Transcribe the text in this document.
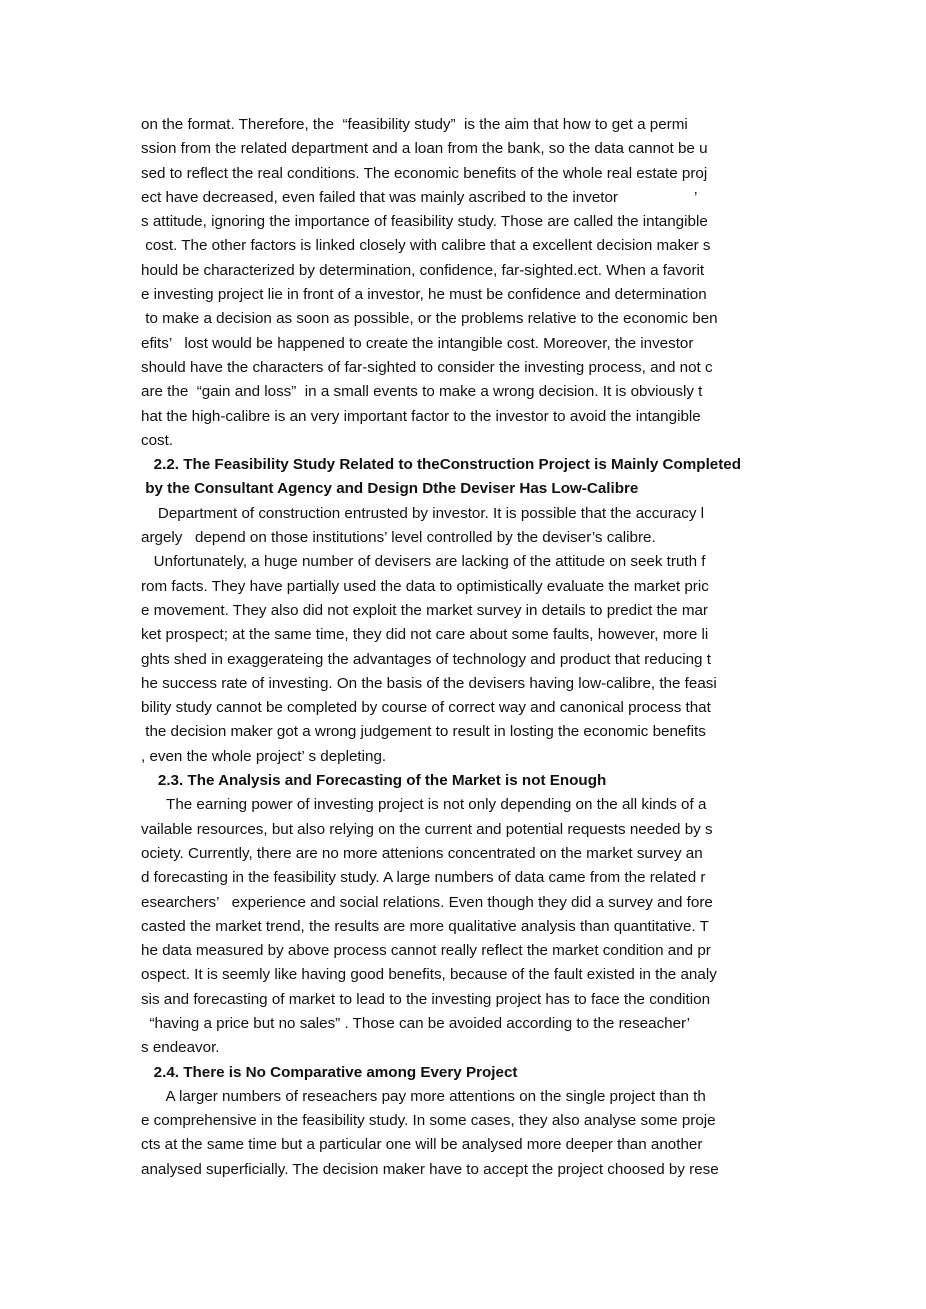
on the format. Therefore, the  “feasibility study”  is the aim that how to get a permi
ssion from the related department and a loan from the bank, so the data cannot be u
sed to reflect the real conditions. The economic benefits of the whole real estate proj
ect have decreased, even failed that was mainly ascribed to the invetor                  ’
s attitude, ignoring the importance of feasibility study. Those are called the intangible
cost. The other factors is linked closely with calibre that a excellent decision maker s
hould be characterized by determination, confidence, far-sighted.ect. When a favorit
e investing project lie in front of a investor, he must be confidence and determination
to make a decision as soon as possible, or the problems relative to the economic ben
efits’   lost would be happened to create the intangible cost. Moreover, the investor
should have the characters of far-sighted to consider the investing process, and not c
are the  “gain and loss”  in a small events to make a wrong decision. It is obviously t
hat the high-calibre is an very important factor to the investor to avoid the intangible
cost.
2.2. The Feasibility Study Related to theConstruction Project is Mainly Completed
by the Consultant Agency and Design Dthe Deviser Has Low-Calibre
Department of construction entrusted by investor. It is possible that the accuracy l
argely   depend on those institutions’ level controlled by the deviser’s calibre.
Unfortunately, a huge number of devisers are lacking of the attitude on seek truth f
rom facts. They have partially used the data to optimistically evaluate the market pric
e movement. They also did not exploit the market survey in details to predict the mar
ket prospect; at the same time, they did not care about some faults, however, more li
ghts shed in exaggerateing the advantages of technology and product that reducing t
he success rate of investing. On the basis of the devisers having low-calibre, the feasi
bility study cannot be completed by course of correct way and canonical process that
the decision maker got a wrong judgement to result in losting the economic benefits
, even the whole project’ s depleting.
2.3. The Analysis and Forecasting of the Market is not Enough
The earning power of investing project is not only depending on the all kinds of a
vailable resources, but also relying on the current and potential requests needed by s
ociety. Currently, there are no more attenions concentrated on the market survey an
d forecasting in the feasibility study. A large numbers of data came from the related r
esearchers’   experience and social relations. Even though they did a survey and fore
casted the market trend, the results are more qualitative analysis than quantitative. T
he data measured by above process cannot really reflect the market condition and pr
ospect. It is seemly like having good benefits, because of the fault existed in the analy
sis and forecasting of market to lead to the investing project has to face the condition
“having a price but no sales” . Those can be avoided according to the reseacher’
s endeavor.
2.4. There is No Comparative among Every Project
A larger numbers of reseachers pay more attentions on the single project than th
e comprehensive in the feasibility study. In some cases, they also analyse some proje
cts at the same time but a particular one will be analysed more deeper than another
analysed superficially. The decision maker have to accept the project choosed by rese
